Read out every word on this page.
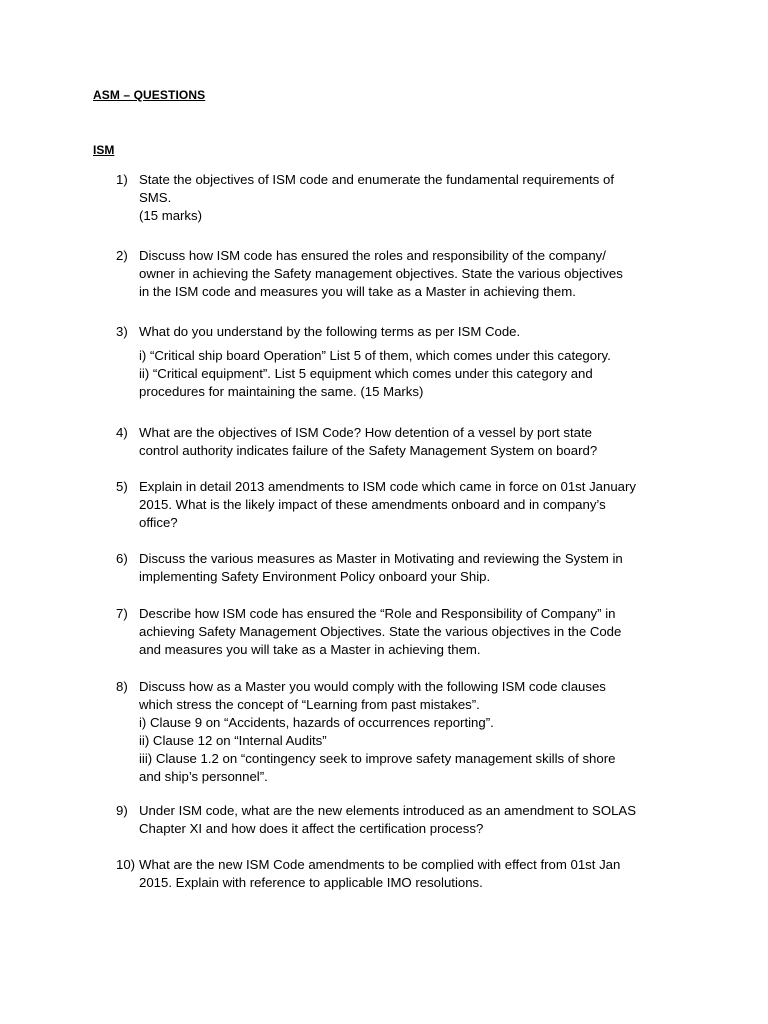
ASM – QUESTIONS
ISM
1) State the objectives of ISM code and enumerate the fundamental requirements of
SMS.
(15 marks)
2) Discuss how ISM code has ensured the roles and responsibility of the company/
owner in achieving the Safety management objectives. State the various objectives
in the ISM code and measures you will take as a Master in achieving them.
3) What do you understand by the following terms as per ISM Code.
i) “Critical ship board Operation” List 5 of them, which comes under this category.
ii) “Critical equipment”. List 5 equipment which comes under this category and
procedures for maintaining the same. (15 Marks)
4) What are the objectives of ISM Code? How detention of a vessel by port state
control authority indicates failure of the Safety Management System on board?
5) Explain in detail 2013 amendments to ISM code which came in force on 01st January
2015. What is the likely impact of these amendments onboard and in company’s
office?
6) Discuss the various measures as Master in Motivating and reviewing the System in
implementing Safety Environment Policy onboard your Ship.
7) Describe how ISM code has ensured the “Role and Responsibility of Company” in
achieving Safety Management Objectives. State the various objectives in the Code
and measures you will take as a Master in achieving them.
8) Discuss how as a Master you would comply with the following ISM code clauses
which stress the concept of “Learning from past mistakes”.
i) Clause 9 on “Accidents, hazards of occurrences reporting”.
ii) Clause 12 on “Internal Audits”
iii) Clause 1.2 on “contingency seek to improve safety management skills of shore
and ship’s personnel”.
9) Under ISM code, what are the new elements introduced as an amendment to SOLAS
Chapter XI and how does it affect the certification process?
10) What are the new ISM Code amendments to be complied with effect from 01st Jan
2015. Explain with reference to applicable IMO resolutions.
